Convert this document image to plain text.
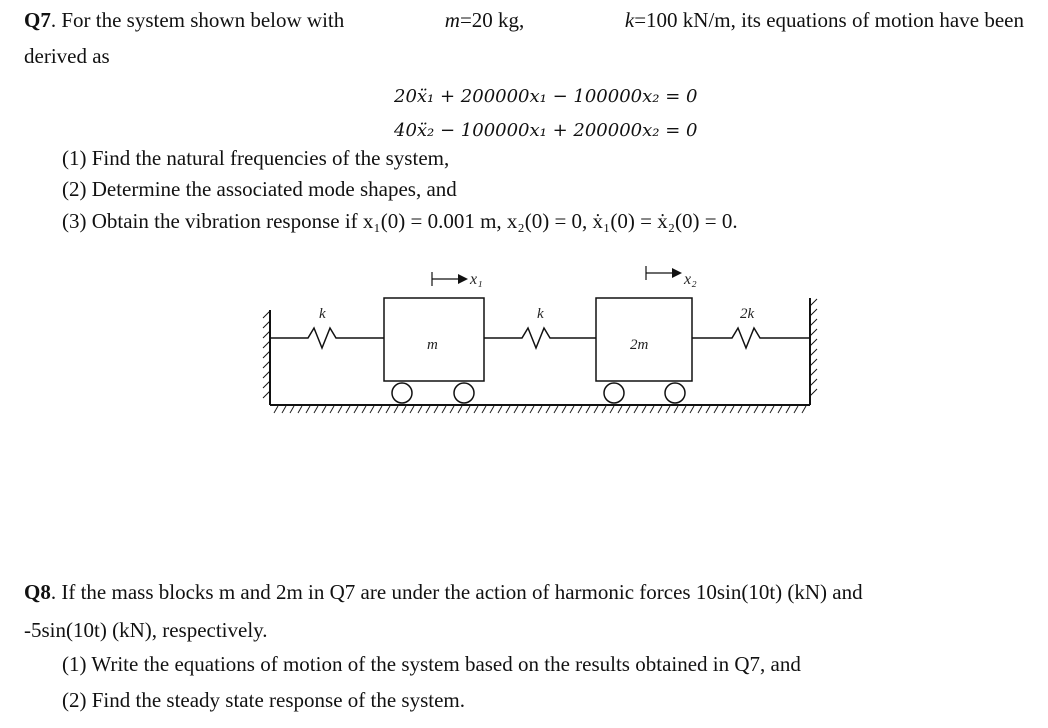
Q7. For the system shown below with	m=20 kg,	k=100 kN/m, its equations of motion have been
derived as
20ẍ₁ + 200000x₁ − 100000x₂ = 0
40ẍ₂ − 100000x₁ + 200000x₂ = 0
(1) Find the natural frequencies of the system,
(2) Determine the associated mode shapes, and
(3) Obtain the vibration response if x₁(0) = 0.001 m, x₂(0) = 0, ẋ₁(0) = ẋ₂(0) = 0.
k
m
x₁
k
2m
x₂
2k
Q8. If the mass blocks m and 2m in Q7 are under the action of harmonic forces 10sin(10t) (kN) and
-5sin(10t) (kN), respectively.
(1) Write the equations of motion of the system based on the results obtained in Q7, and
(2) Find the steady state response of the system.
